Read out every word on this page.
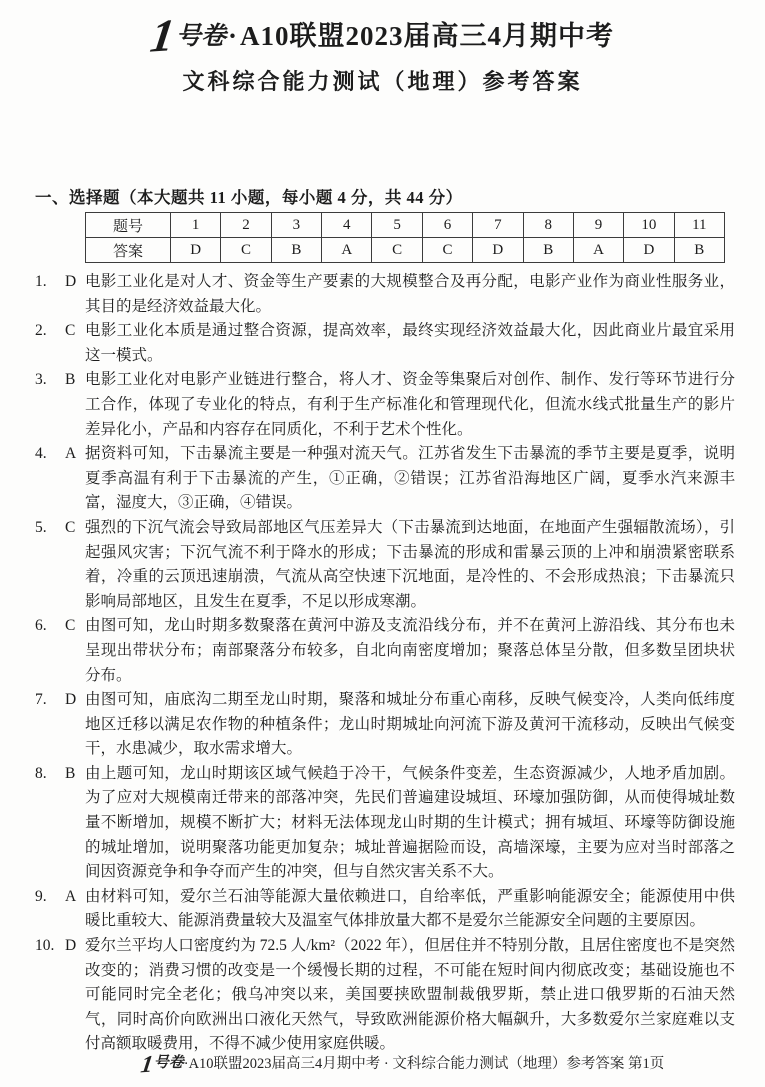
1号卷·A10联盟2023届高三4月期中考
文科综合能力测试（地理）参考答案
一、选择题（本大题共 11 小题，每小题 4 分，共 44 分）
题号	1	2	3	4	5	6	7	8	9	10	11
答案	D	C	B	A	C	C	D	B	A	D	B
1.	D 电影工业化是对人才、资金等生产要素的大规模整合及再分配，电影产业作为商业性服务业，其目的是经济效益最大化。
2.	C 电影工业化本质是通过整合资源，提高效率，最终实现经济效益最大化，因此商业片最宜采用这一模式。
3.	B 电影工业化对电影产业链进行整合，将人才、资金等集聚后对创作、制作、发行等环节进行分工合作，体现了专业化的特点，有利于生产标准化和管理现代化，但流水线式批量生产的影片差异化小，产品和内容存在同质化，不利于艺术个性化。
4.	A 据资料可知，下击暴流主要是一种强对流天气。江苏省发生下击暴流的季节主要是夏季，说明夏季高温有利于下击暴流的产生，①正确，②错误；江苏省沿海地区广阔，夏季水汽来源丰富，湿度大，③正确，④错误。
5.	C 强烈的下沉气流会导致局部地区气压差异大（下击暴流到达地面，在地面产生强辐散流场），引起强风灾害；下沉气流不利于降水的形成；下击暴流的形成和雷暴云顶的上冲和崩溃紧密联系着，冷重的云顶迅速崩溃，气流从高空快速下沉地面，是冷性的、不会形成热浪；下击暴流只影响局部地区，且发生在夏季，不足以形成寒潮。
6.	C 由图可知，龙山时期多数聚落在黄河中游及支流沿线分布，并不在黄河上游沿线、其分布也未呈现出带状分布；南部聚落分布较多，自北向南密度增加；聚落总体呈分散，但多数呈团块状分布。
7.	D 由图可知，庙底沟二期至龙山时期，聚落和城址分布重心南移，反映气候变冷，人类向低纬度地区迁移以满足农作物的种植条件；龙山时期城址向河流下游及黄河干流移动，反映出气候变干，水患减少，取水需求增大。
8.	B 由上题可知，龙山时期该区域气候趋于冷干，气候条件变差，生态资源减少，人地矛盾加剧。为了应对大规模南迁带来的部落冲突，先民们普遍建设城垣、环壕加强防御，从而使得城址数量不断增加，规模不断扩大；材料无法体现龙山时期的生计模式；拥有城垣、环壕等防御设施的城址增加，说明聚落功能更加复杂；城址普遍据险而设，高墙深壕，主要为应对当时部落之间因资源竞争和争夺而产生的冲突，但与自然灾害关系不大。
9.	A 由材料可知，爱尔兰石油等能源大量依赖进口，自给率低，严重影响能源安全；能源使用中供暖比重较大、能源消费量较大及温室气体排放量大都不是爱尔兰能源安全问题的主要原因。
10. D 爱尔兰平均人口密度约为 72.5 人/km²（2022 年），但居住并不特别分散，且居住密度也不是突然改变的；消费习惯的改变是一个缓慢长期的过程，不可能在短时间内彻底改变；基础设施也不可能同时完全老化；俄乌冲突以来，美国要挟欧盟制裁俄罗斯，禁止进口俄罗斯的石油天然气，同时高价向欧洲出口液化天然气，导致欧洲能源价格大幅飙升，大多数爱尔兰家庭难以支付高额取暖费用，不得不减少使用家庭供暖。
1号卷·A10联盟2023届高三4月期中考 · 文科综合能力测试（地理）参考答案 第1页
